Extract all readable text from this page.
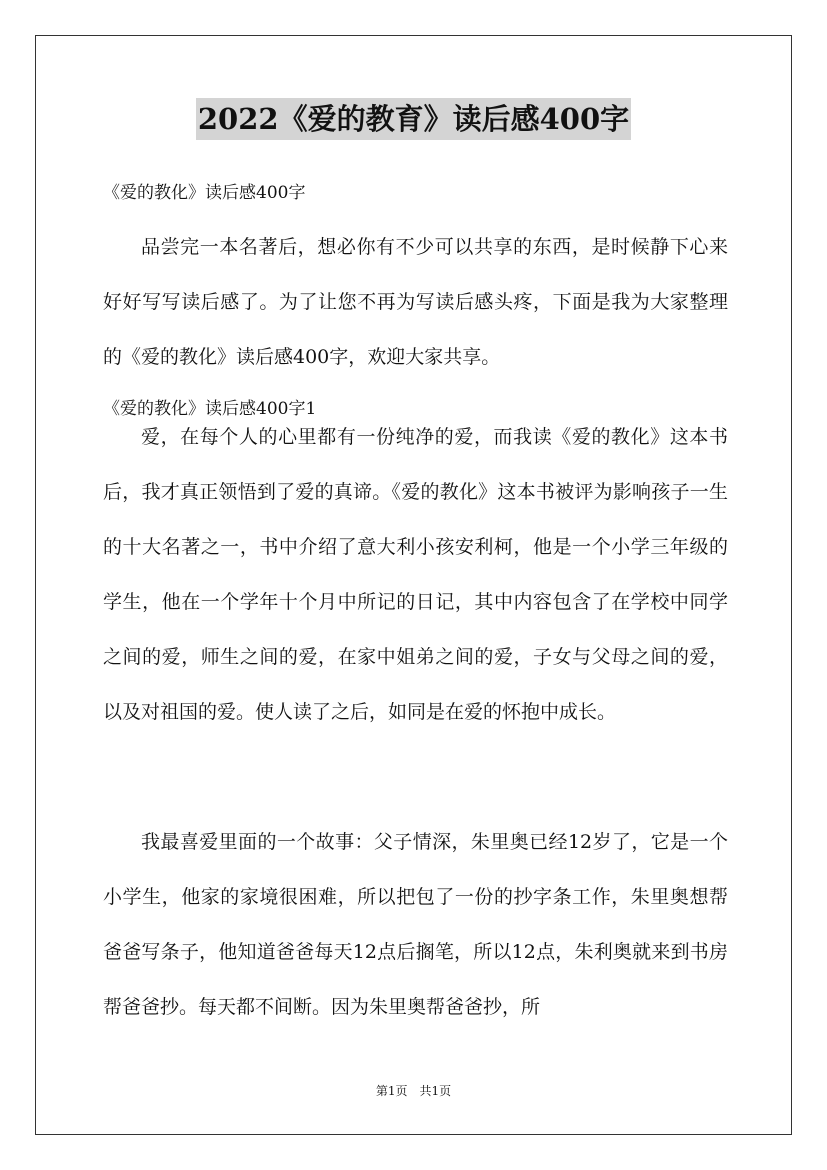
2022《爱的教育》读后感400字
《爱的教化》读后感400字
品尝完一本名著后，想必你有不少可以共享的东西，是时候静下心来好好写写读后感了。为了让您不再为写读后感头疼，下面是我为大家整理的《爱的教化》读后感400字，欢迎大家共享。
《爱的教化》读后感400字1
爱，在每个人的心里都有一份纯净的爱，而我读《爱的教化》这本书后，我才真正领悟到了爱的真谛。《爱的教化》这本书被评为影响孩子一生的十大名著之一，书中介绍了意大利小孩安利柯，他是一个小学三年级的学生，他在一个学年十个月中所记的日记，其中内容包含了在学校中同学之间的爱，师生之间的爱，在家中姐弟之间的爱，子女与父母之间的爱，以及对祖国的爱。使人读了之后，如同是在爱的怀抱中成长。
我最喜爱里面的一个故事：父子情深，朱里奥已经12岁了，它是一个小学生，他家的家境很困难，所以把包了一份的抄字条工作，朱里奥想帮爸爸写条子，他知道爸爸每天12点后搁笔，所以12点，朱利奥就来到书房帮爸爸抄。每天都不间断。因为朱里奥帮爸爸抄，所
第1页　共1页
